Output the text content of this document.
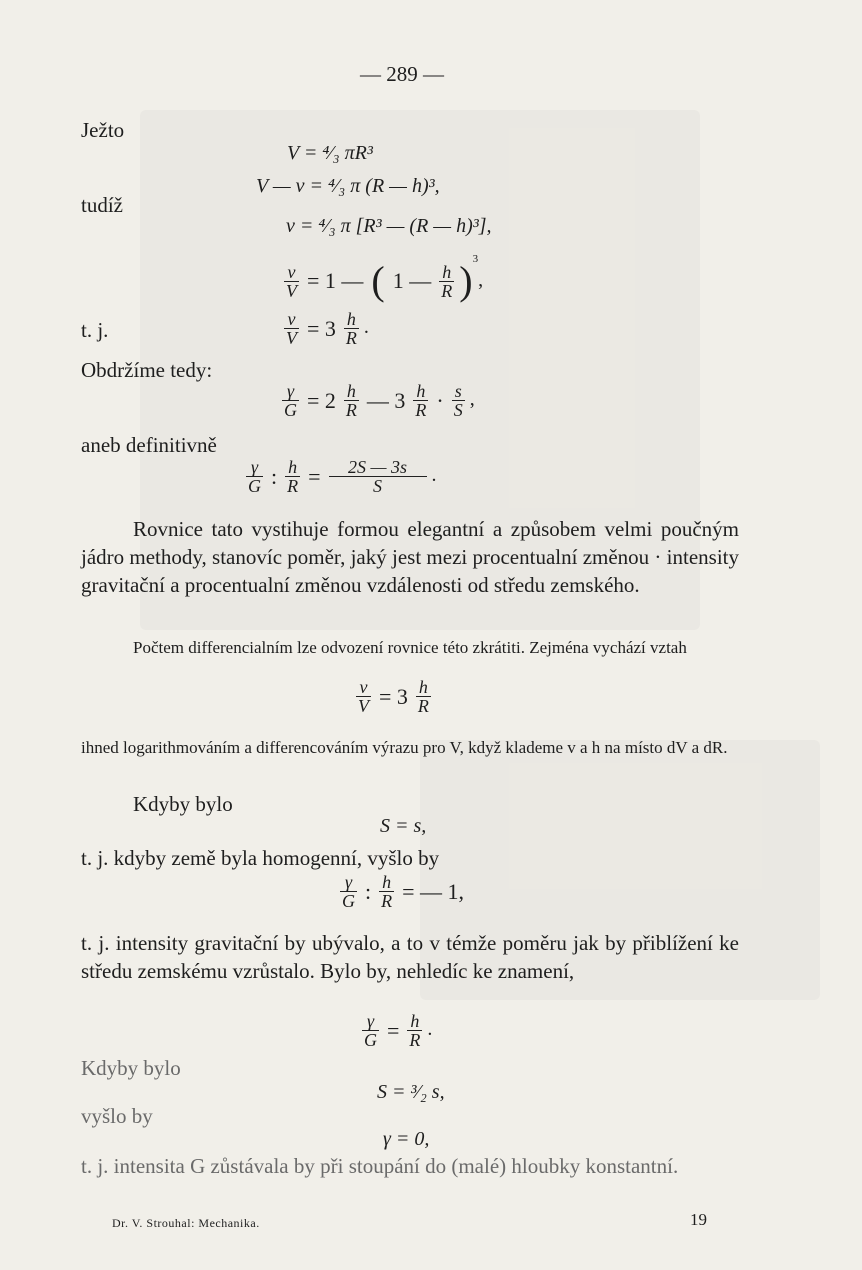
— 289 —
Ježto
tudíž
t. j.
Obdržíme tedy:
aneb definitivně
V = ⁴⁄₃ πR³
V — v = ⁴⁄₃ π (R — h)³,
v = ⁴⁄₃ π [R³ — (R — h)³],
$\frac{v}{V} = 1$ — ( 1 — $\frac{h}{R} )^3$,
$\frac{v}{V} = 3 \frac{h}{R}$ .
$\frac{\gamma}{G} = 2 \frac{h}{R}$ — $3 \frac{h}{R} \cdot \frac{s}{S}$ ,
$\frac{\gamma}{G}$ : $\frac{h}{R} = \frac{2S — 3s}{S}$ .
Rovnice tato vystihuje formou elegantní a způsobem velmi poučným jádro methody, stanovíc poměr, jaký jest mezi procentualní změnou · intensity gravitační a procentualní změnou vzdálenosti od středu zemského.
Počtem differencialním lze odvození rovnice této zkrátiti. Zejména vychází vztah
$\frac{v}{V} = 3 \frac{h}{R}$
ihned logarithmováním a differencováním výrazu pro V, když klademe v a h na místo dV a dR.
Kdyby bylo
S = s,
t. j. kdyby země byla homogenní, vyšlo by
$\frac{\gamma}{G}$ : $\frac{h}{R}$ = — 1,
t. j. intensity gravitační by ubývalo, a to v témže poměru jak by přiblížení ke středu zemskému vzrůstalo. Bylo by, nehledíc ke znamení,
$\frac{\gamma}{G} = \frac{h}{R}$ .
Kdyby bylo
S = ³⁄₂ s,
vyšlo by
γ = 0,
t. j. intensita G zůstávala by při stoupání do (malé) hloubky konstantní.
Dr. V. Strouhal: Mechanika.	19
